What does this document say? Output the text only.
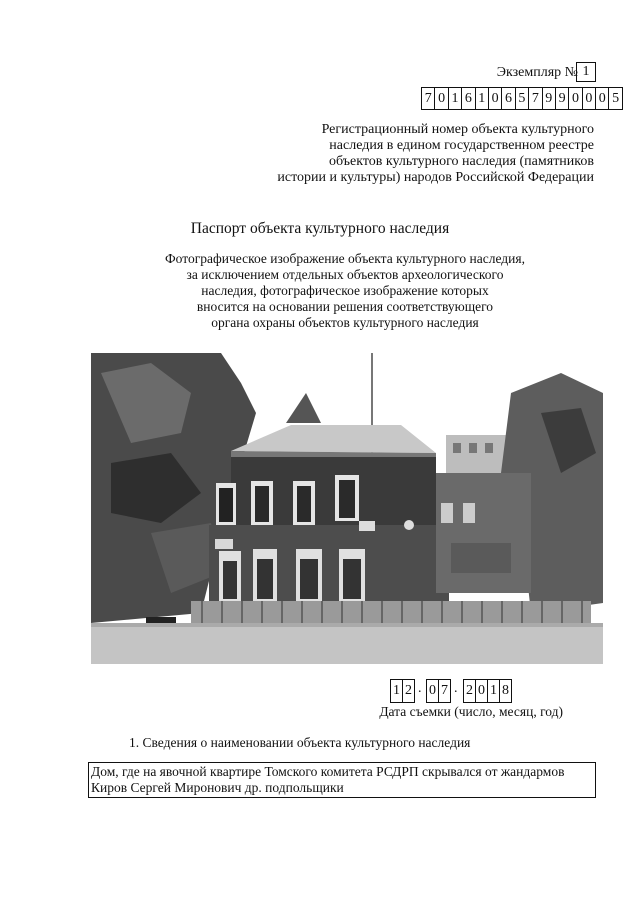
Экземпляр № 1
7 0 1 6 1 0 6 5 7 9 9 0 0 0 5
Регистрационный номер объекта культурного
наследия в едином государственном реестре
объектов культурного наследия (памятников
истории и культуры) народов Российской Федерации
Паспорт объекта культурного наследия
Фотографическое изображение объекта культурного наследия,
за исключением отдельных объектов археологического
наследия, фотографическое изображение которых
вносится на основании решения соответствующего
органа охраны объектов культурного наследия
1 2 . 0 7 . 2 0 1 8
Дата съемки (число, месяц, год)
1. Сведения о наименовании объекта культурного наследия
Дом, где на явочной квартире Томского комитета РСДРП скрывался от жандармов Киров Сергей Миронович др. подпольщики
